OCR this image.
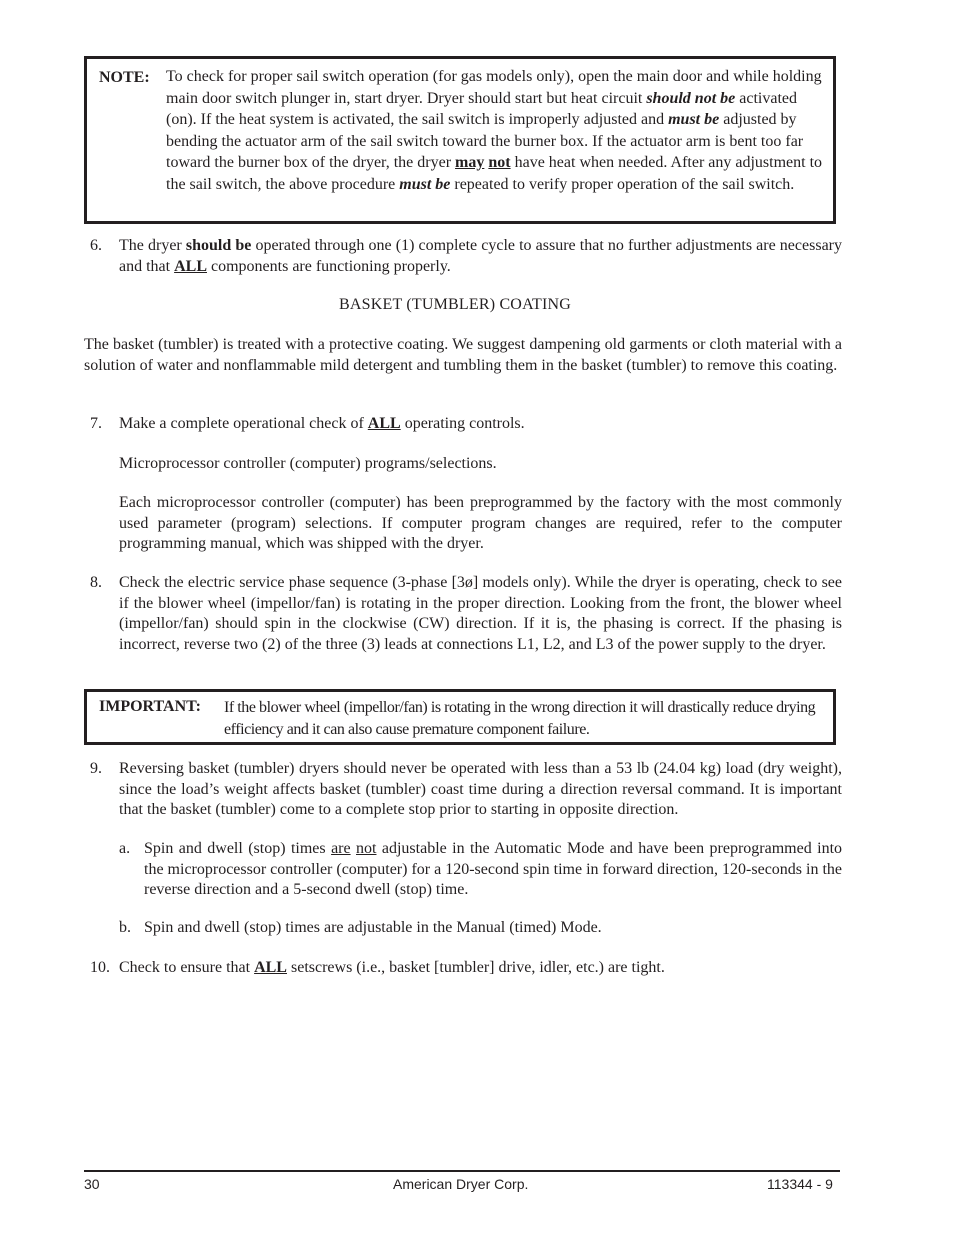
NOTE: To check for proper sail switch operation (for gas models only), open the main door and while holding main door switch plunger in, start dryer. Dryer should start but heat circuit should not be activated (on). If the heat system is activated, the sail switch is improperly adjusted and must be adjusted by bending the actuator arm of the sail switch toward the burner box. If the actuator arm is bent too far toward the burner box of the dryer, the dryer may not have heat when needed. After any adjustment to the sail switch, the above procedure must be repeated to verify proper operation of the sail switch.
6. The dryer should be operated through one (1) complete cycle to assure that no further adjustments are necessary and that ALL components are functioning properly.
BASKET (TUMBLER) COATING
The basket (tumbler) is treated with a protective coating. We suggest dampening old garments or cloth material with a solution of water and nonflammable mild detergent and tumbling them in the basket (tumbler) to remove this coating.
7. Make a complete operational check of ALL operating controls.
Microprocessor controller (computer) programs/selections.
Each microprocessor controller (computer) has been preprogrammed by the factory with the most commonly used parameter (program) selections. If computer program changes are required, refer to the computer programming manual, which was shipped with the dryer.
8. Check the electric service phase sequence (3-phase [3ø] models only). While the dryer is operating, check to see if the blower wheel (impellor/fan) is rotating in the proper direction. Looking from the front, the blower wheel (impellor/fan) should spin in the clockwise (CW) direction. If it is, the phasing is correct. If the phasing is incorrect, reverse two (2) of the three (3) leads at connections L1, L2, and L3 of the power supply to the dryer.
IMPORTANT: If the blower wheel (impellor/fan) is rotating in the wrong direction it will drastically reduce drying efficiency and it can also cause premature component failure.
9. Reversing basket (tumbler) dryers should never be operated with less than a 53 lb (24.04 kg) load (dry weight), since the load’s weight affects basket (tumbler) coast time during a direction reversal command. It is important that the basket (tumbler) come to a complete stop prior to starting in opposite direction.
a. Spin and dwell (stop) times are not adjustable in the Automatic Mode and have been preprogrammed into the microprocessor controller (computer) for a 120-second spin time in forward direction, 120-seconds in the reverse direction and a 5-second dwell (stop) time.
b. Spin and dwell (stop) times are adjustable in the Manual (timed) Mode.
10. Check to ensure that ALL setscrews (i.e., basket [tumbler] drive, idler, etc.) are tight.
30	American Dryer Corp.	113344 - 9
